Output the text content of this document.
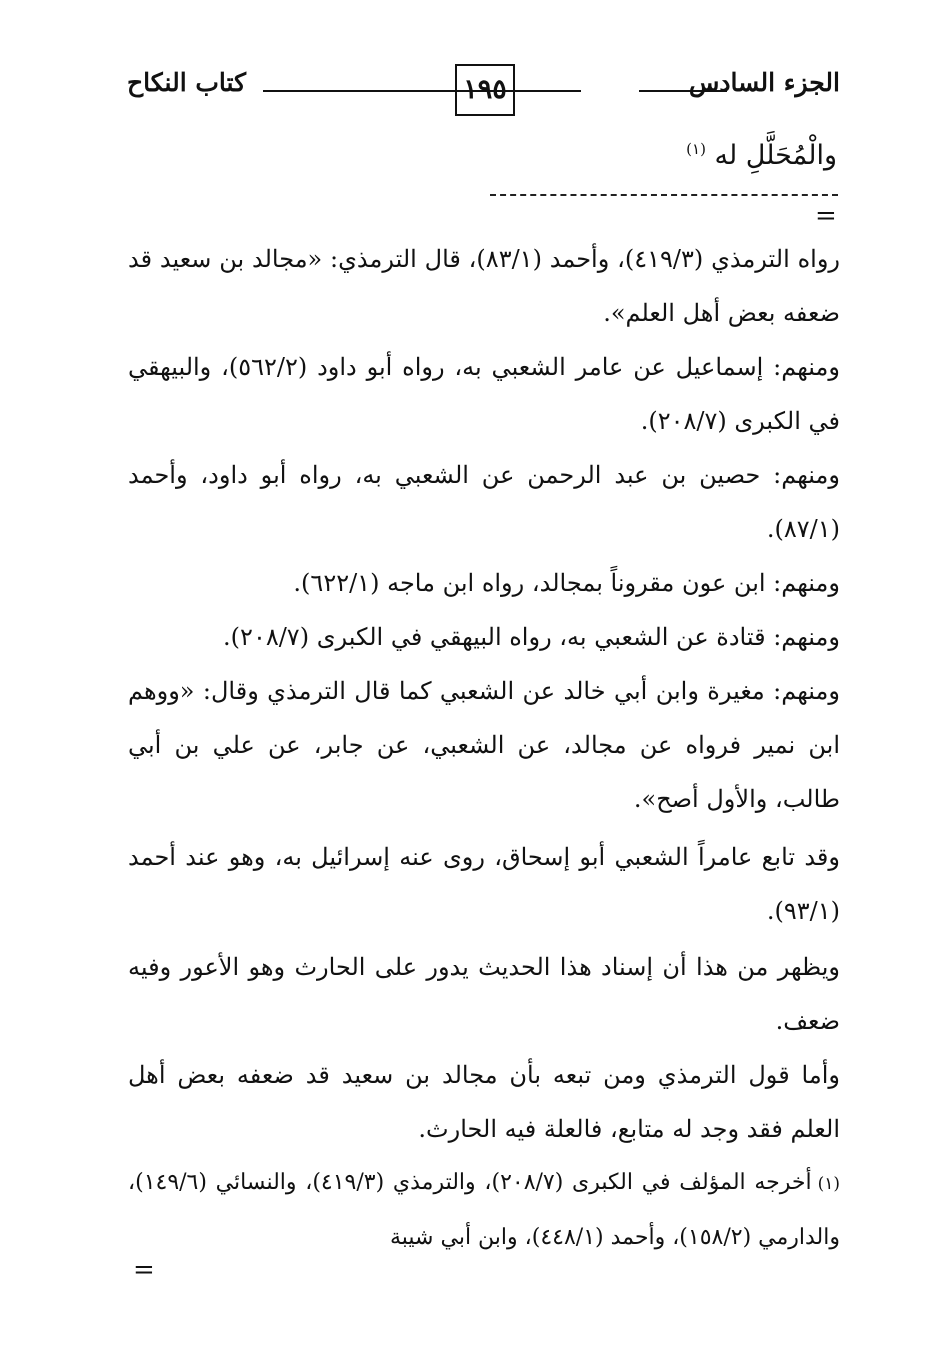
الجزء السادس
١٩٥
كتاب النكاح
والْمُحَلَّلِ له $^{(١)}$
=
رواه الترمذي (٤١٩/٣)، وأحمد (٨٣/١)، قال الترمذي: «مجالد بن سعيد قد ضعفه بعض أهل العلم».
ومنهم: إسماعيل عن عامر الشعبي به، رواه أبو داود (٥٦٢/٢)، والبيهقي في الكبرى (٢٠٨/٧).
ومنهم: حصين بن عبد الرحمن عن الشعبي به، رواه أبو داود، وأحمد (٨٧/١).
ومنهم: ابن عون مقروناً بمجالد، رواه ابن ماجه (٦٢٢/١).
ومنهم: قتادة عن الشعبي به، رواه البيهقي في الكبرى (٢٠٨/٧).
ومنهم: مغيرة وابن أبي خالد عن الشعبي كما قال الترمذي وقال: «ووهم ابن نمير فرواه عن مجالد، عن الشعبي، عن جابر، عن علي بن أبي طالب، والأول أصح».
وقد تابع عامراً الشعبي أبو إسحاق، روى عنه إسرائيل به، وهو عند أحمد (٩٣/١).
ويظهر من هذا أن إسناد هذا الحديث يدور على الحارث وهو الأعور وفيه ضعف.
وأما قول الترمذي ومن تبعه بأن مجالد بن سعيد قد ضعفه بعض أهل العلم فقد وجد له متابع، فالعلة فيه الحارث.
(١)أخرجه المؤلف في الكبرى (٢٠٨/٧)، والترمذي (٤١٩/٣)، والنسائي (١٤٩/٦)، والدارمي (١٥٨/٢)، وأحمد (٤٤٨/١)، وابن أبي شيبة
=
